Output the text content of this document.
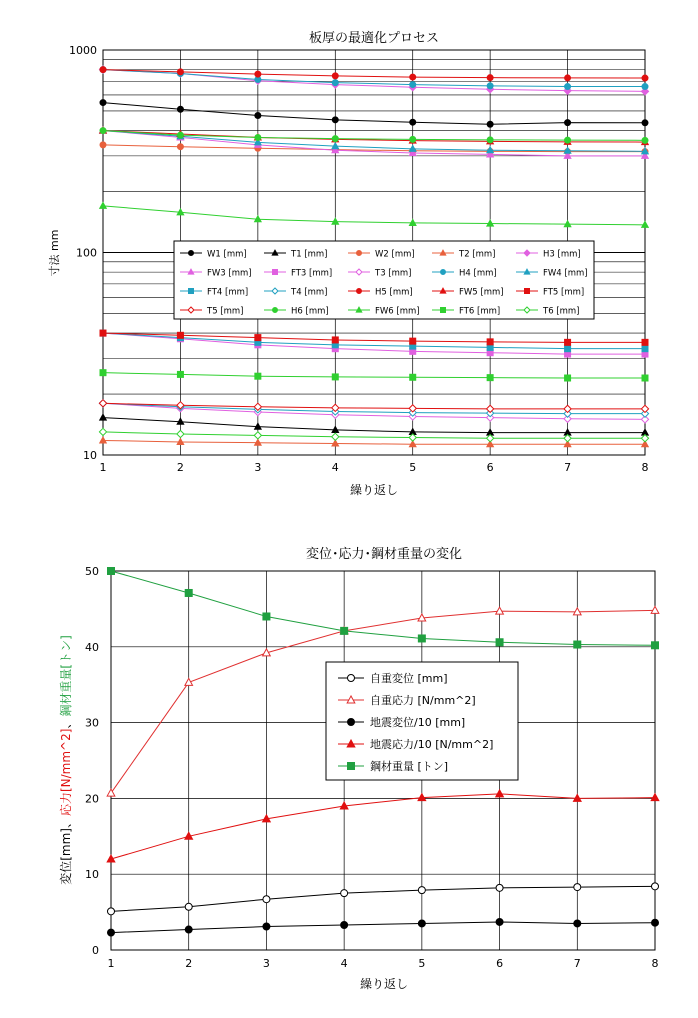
板厚の最適化プロセス
1	2	3	4	5	6	7	8
10
100
1000
繰り返し
寸法 mm	W1 [mm]	T1 [mm]	W2 [mm]	T2 [mm]	H3 [mm]
FW3 [mm]	FT3 [mm]	T3 [mm]	H4 [mm]	FW4 [mm]
FT4 [mm]	T4 [mm]	H5 [mm]	FW5 [mm]	FT5 [mm]
T5 [mm]	H6 [mm]	FW6 [mm]	FT6 [mm]	T6 [mm]
変位･応力･鋼材重量の変化
1	2	3	4	5	6	7	8
0
10
20
30
40
50
繰り返し
変位[mm]、応力[N/mm^2]、鋼材重量[トン]	自重変位 [mm]
自重応力 [N/mm^2]
地震変位/10 [mm]
地震応力/10 [N/mm^2]
鋼材重量 [トン]
